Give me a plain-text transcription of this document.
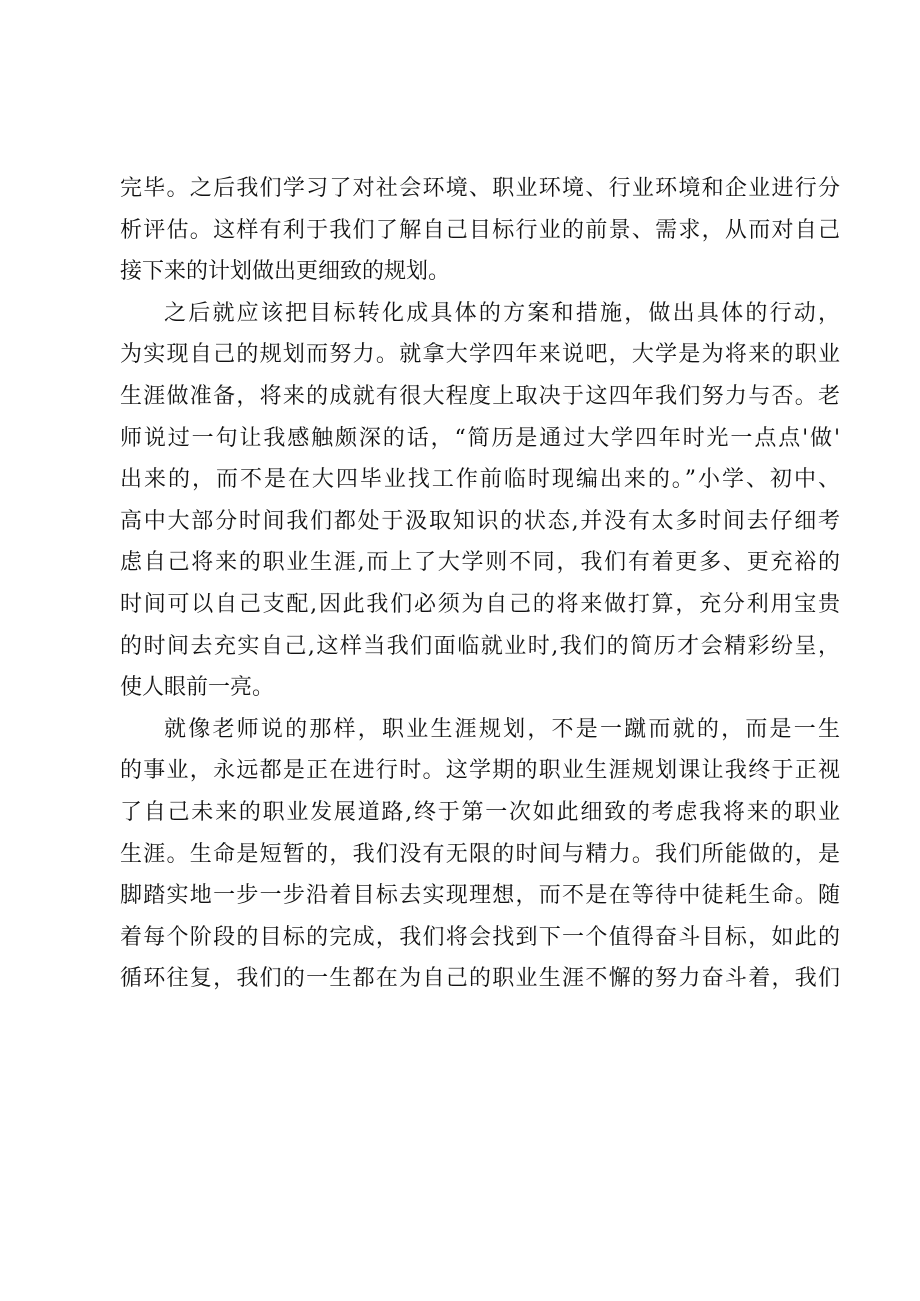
完毕。之后我们学习了对社会环境、职业环境、行业环境和企业进行分
析评估。这样有利于我们了解自己目标行业的前景、需求，从而对自己
接下来的计划做出更细致的规划。
之后就应该把目标转化成具体的方案和措施，做出具体的行动，
为实现自己的规划而努力。就拿大学四年来说吧，大学是为将来的职业
生涯做准备，将来的成就有很大程度上取决于这四年我们努力与否。老
师说过一句让我感触颇深的话，“简历是通过大学四年时光一点点'做'
出来的，而不是在大四毕业找工作前临时现编出来的。”小学、初中、
高中大部分时间我们都处于汲取知识的状态,并没有太多时间去仔细考
虑自己将来的职业生涯,而上了大学则不同，我们有着更多、更充裕的
时间可以自己支配,因此我们必须为自己的将来做打算，充分利用宝贵
的时间去充实自己,这样当我们面临就业时,我们的简历才会精彩纷呈，
使人眼前一亮。
就像老师说的那样，职业生涯规划，不是一蹴而就的，而是一生
的事业，永远都是正在进行时。这学期的职业生涯规划课让我终于正视
了自己未来的职业发展道路,终于第一次如此细致的考虑我将来的职业
生涯。生命是短暂的，我们没有无限的时间与精力。我们所能做的，是
脚踏实地一步一步沿着目标去实现理想，而不是在等待中徒耗生命。随
着每个阶段的目标的完成，我们将会找到下一个值得奋斗目标，如此的
循环往复，我们的一生都在为自己的职业生涯不懈的努力奋斗着，我们
